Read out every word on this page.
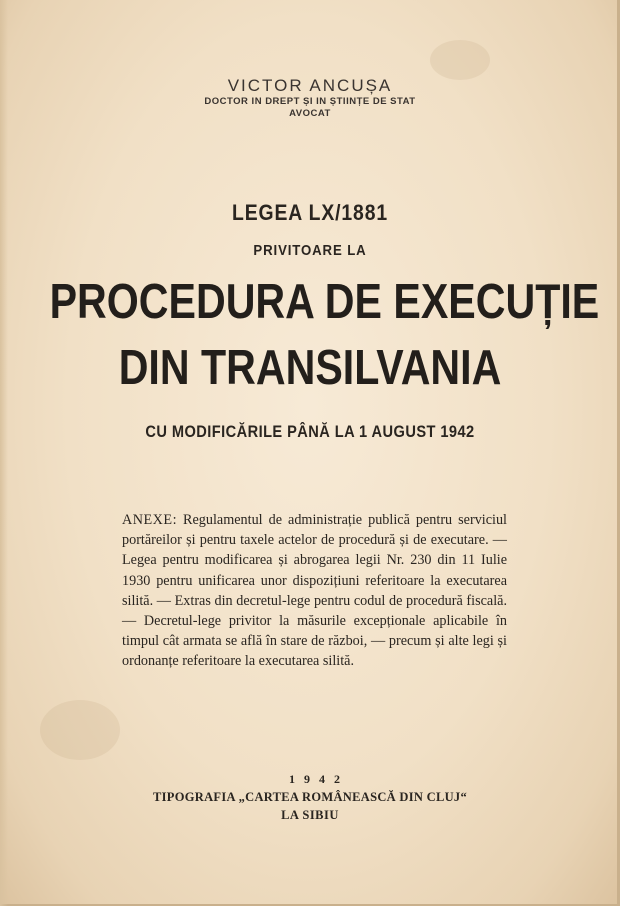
VICTOR ANCUȘA
DOCTOR IN DREPT ȘI IN ȘTIINȚE DE STAT
AVOCAT
LEGEA LX/1881
PRIVITOARE LA
PROCEDURA DE EXECUȚIE
DIN TRANSILVANIA
CU MODIFICĂRILE PÂNĂ LA 1 AUGUST 1942
ANEXE: Regulamentul de administrație publică pentru serviciul portăreilor și pentru taxele actelor de procedură și de executare. — Legea pentru modificarea și abrogarea legii Nr. 230 din 11 Iulie 1930 pentru unificarea unor dispozițiuni referitoare la executarea silită. — Extras din decretul-lege pentru codul de procedură fiscală. — Decretul-lege privitor la măsurile excepționale aplicabile în timpul cât armata se află în stare de război, — precum și alte legi și ordonanțe referitoare la executarea silită.
1942
TIPOGRAFIA „CARTEA ROMÂNEASCĂ DIN CLUJ“
LA SIBIU
